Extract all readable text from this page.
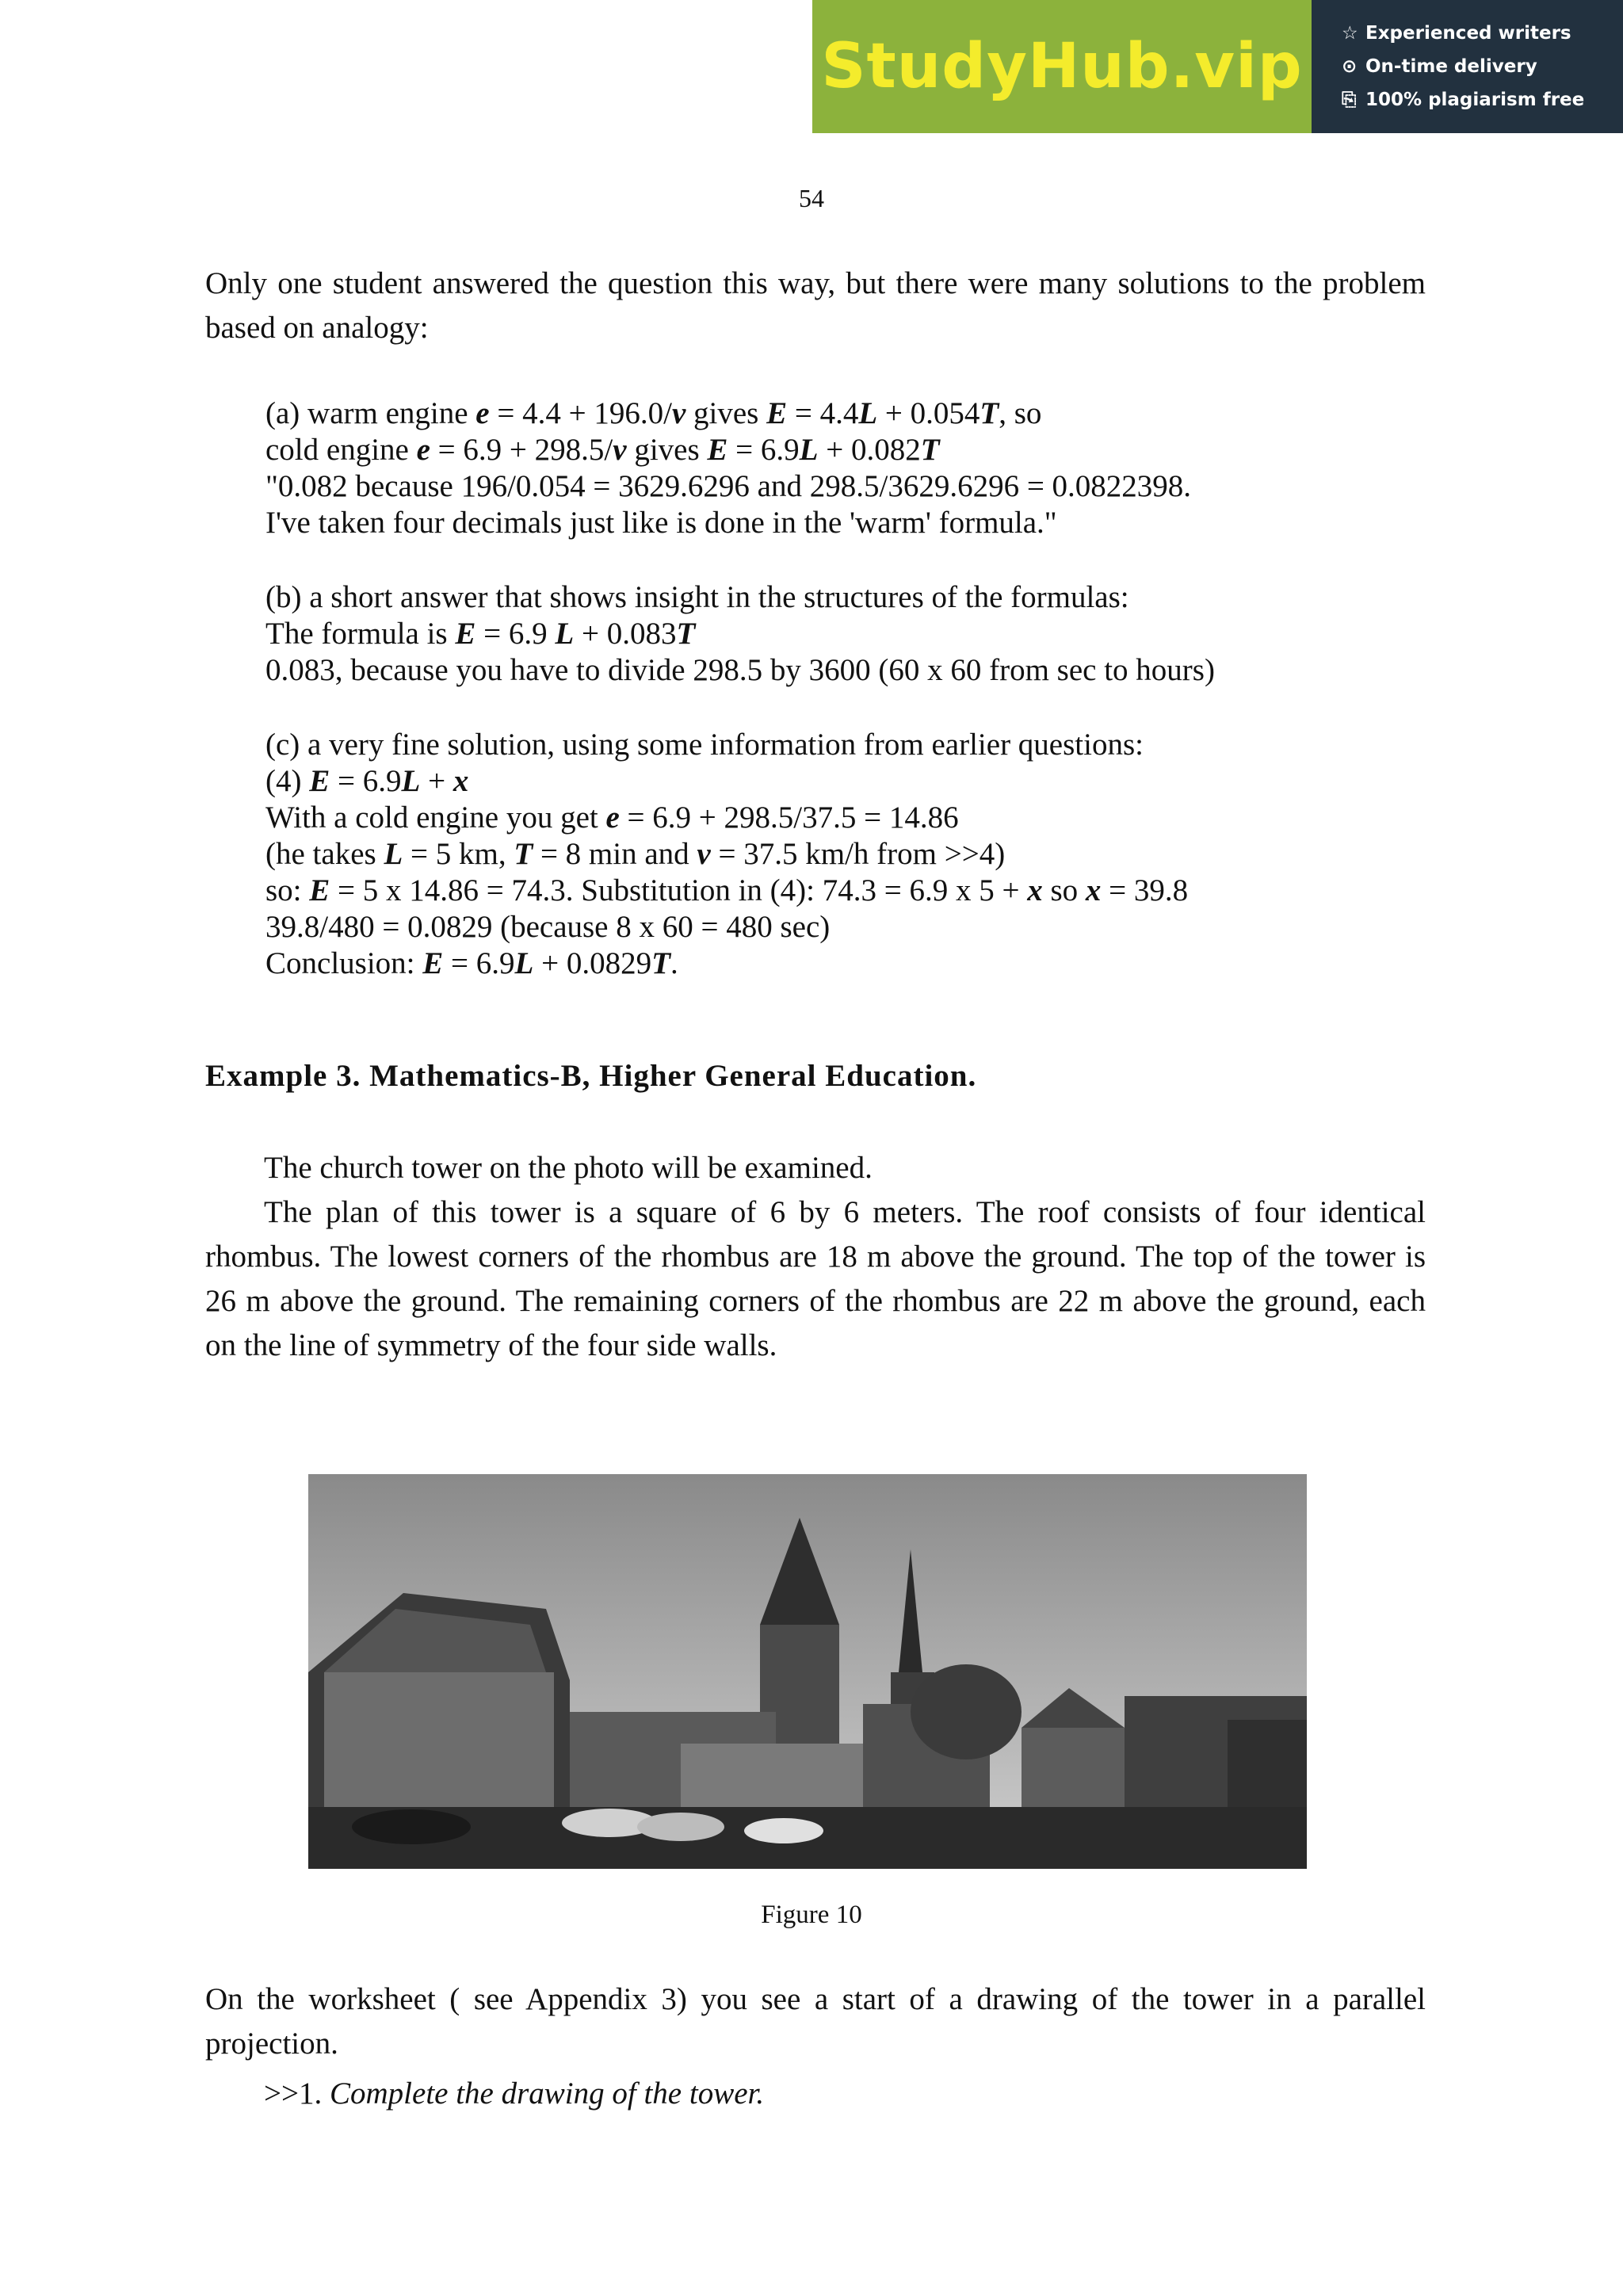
StudyHub.vip	☆ Experienced writers
⊙ On-time delivery
⎘ 100% plagiarism free
54
Only one student answered the question this way, but there were many solutions to the problem based on analogy:
(a) warm engine e = 4.4 + 196.0/v gives E = 4.4L + 0.054T, so
cold engine e = 6.9 + 298.5/v gives E = 6.9L + 0.082T
"0.082 because 196/0.054 = 3629.6296 and 298.5/3629.6296 = 0.0822398.
I've taken four decimals just like is done in the 'warm' formula."
(b) a short answer that shows insight in the structures of the formulas:
The formula is E = 6.9 L + 0.083T
0.083, because you have to divide 298.5 by 3600 (60 x 60 from sec to hours)
(c) a very fine solution, using some information from earlier questions:
(4) E = 6.9L + x
With a cold engine you get e = 6.9 + 298.5/37.5 = 14.86
(he takes L = 5 km, T = 8 min and v = 37.5 km/h from >>4)
so: E = 5 x 14.86 = 74.3. Substitution in (4): 74.3 = 6.9 x 5 + x so x = 39.8
39.8/480 = 0.0829 (because 8 x 60 = 480 sec)
Conclusion: E = 6.9L + 0.0829T.
Example 3. Mathematics-B, Higher General Education.
The church tower on the photo will be examined.
The plan of this tower is a square of 6 by 6 meters. The roof consists of four identical rhombus. The lowest corners of the rhombus are 18 m above the ground. The top of the tower is 26 m above the ground. The remaining corners of the rhombus are 22 m above the ground, each on the line of symmetry of the four side walls.
Figure 10
On the worksheet ( see Appendix 3) you see a start of a drawing of the tower in a parallel projection.
>>1. Complete the drawing of the tower.
